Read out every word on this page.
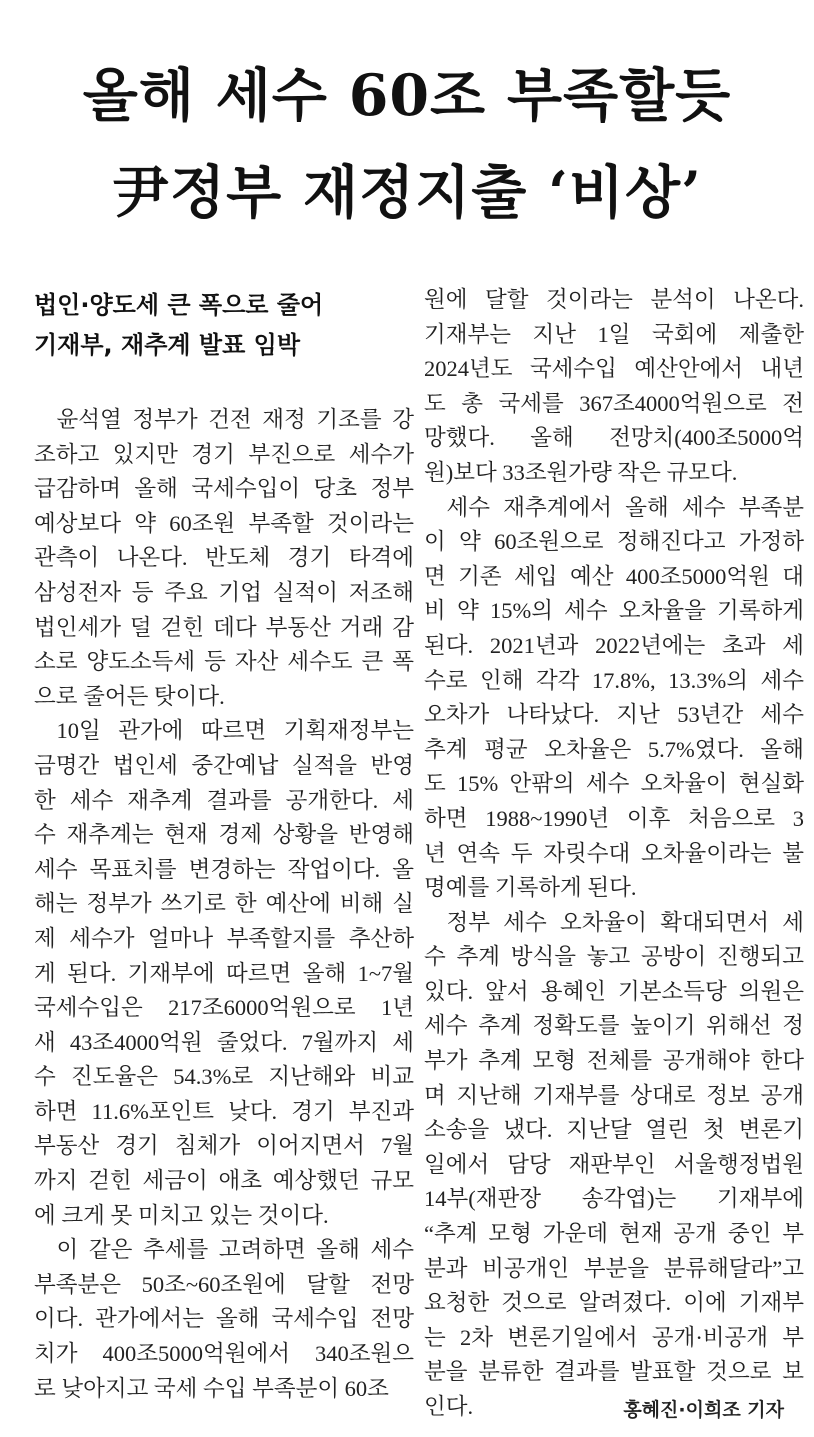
올해 세수 60조 부족할듯
尹정부 재정지출 ‘비상’

법인·양도세 큰 폭으로 줄어

기재부, 재추계 발표 임박

윤석열 정부가 건전 재정 기조를 강
조하고 있지만 경기 부진으로 세수가
급감하며 올해 국세수입이 당초 정부
예상보다 약 60조원 부족할 것이라는
관측이 나온다. 반도체 경기 타격에
삼성전자 등 주요 기업 실적이 저조해
법인세가 덜 걷힌 데다 부동산 거래 감
소로 양도소득세 등 자산 세수도 큰 폭
으로 줄어든 탓이다.
10일 관가에 따르면 기획재정부는
금명간 법인세 중간예납 실적을 반영
한 세수 재추계 결과를 공개한다. 세
수 재추계는 현재 경제 상황을 반영해
세수 목표치를 변경하는 작업이다. 올
해는 정부가 쓰기로 한 예산에 비해 실
제 세수가 얼마나 부족할지를 추산하
게 된다. 기재부에 따르면 올해 1~7월
국세수입은 217조6000억원으로 1년
새 43조4000억원 줄었다. 7월까지 세
수 진도율은 54.3%로 지난해와 비교
하면 11.6%포인트 낮다. 경기 부진과
부동산 경기 침체가 이어지면서 7월
까지 걷힌 세금이 애초 예상했던 규모
에 크게 못 미치고 있는 것이다.
이 같은 추세를 고려하면 올해 세수
부족분은 50조~60조원에 달할 전망
이다. 관가에서는 올해 국세수입 전망
치가 400조5000억원에서 340조원으
로 낮아지고 국세 수입 부족분이 60조
원에 달할 것이라는 분석이 나온다.
기재부는 지난 1일 국회에 제출한
2024년도 국세수입 예산안에서 내년
도 총 국세를 367조4000억원으로 전
망했다. 올해 전망치(400조5000억
원)보다 33조원가량 작은 규모다.
세수 재추계에서 올해 세수 부족분
이 약 60조원으로 정해진다고 가정하
면 기존 세입 예산 400조5000억원 대
비 약 15%의 세수 오차율을 기록하게
된다. 2021년과 2022년에는 초과 세
수로 인해 각각 17.8%, 13.3%의 세수
오차가 나타났다. 지난 53년간 세수
추계 평균 오차율은 5.7%였다. 올해
도 15% 안팎의 세수 오차율이 현실화
하면 1988~1990년 이후 처음으로 3
년 연속 두 자릿수대 오차율이라는 불
명예를 기록하게 된다.
정부 세수 오차율이 확대되면서 세
수 추계 방식을 놓고 공방이 진행되고
있다. 앞서 용혜인 기본소득당 의원은
세수 추계 정확도를 높이기 위해선 정
부가 추계 모형 전체를 공개해야 한다
며 지난해 기재부를 상대로 정보 공개
소송을 냈다. 지난달 열린 첫 변론기
일에서 담당 재판부인 서울행정법원
14부(재판장 송각엽)는 기재부에
“추계 모형 가운데 현재 공개 중인 부
분과 비공개인 부분을 분류해달라”고
요청한 것으로 알려졌다. 이에 기재부
는 2차 변론기일에서 공개·비공개 부
분을 분류한 결과를 발표할 것으로 보
인다.	홍혜진·이희조 기자
